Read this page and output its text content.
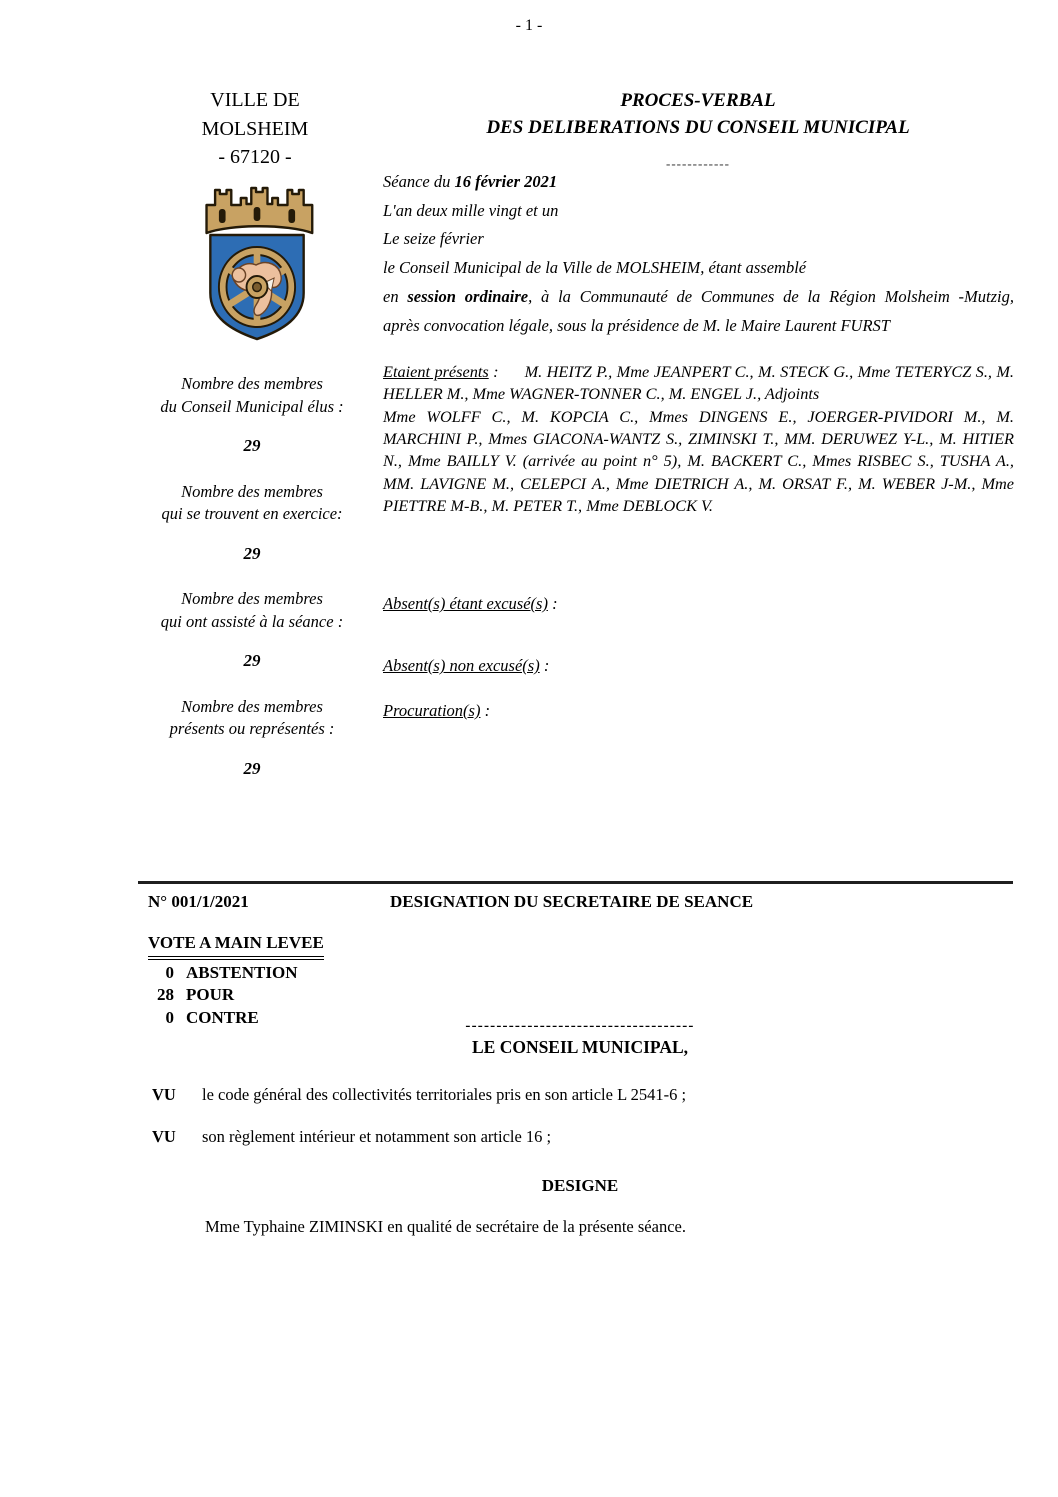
- 1 -
VILLE DE
MOLSHEIM
- 67120 -
PROCES-VERBAL
DES DELIBERATIONS DU CONSEIL MUNICIPAL
------------
Séance du 16 février 2021
L'an deux mille vingt et un
Le seize février
le Conseil Municipal de la Ville de MOLSHEIM, étant assemblé
en session ordinaire, à la Communauté de Communes de la Région Molsheim -Mutzig,
après convocation légale, sous la présidence de M. le Maire Laurent FURST
Nombre des membres
du Conseil Municipal élus :
29
Nombre des membres
qui se trouvent en exercice:
29
Nombre des membres
qui ont assisté à la séance :
29
Nombre des membres
présents ou représentés :
29

Etaient présents : M. HEITZ P., Mme JEANPERT C., M. STECK G., Mme TETERYCZ S., M. HELLER M., Mme WAGNER-TONNER C., M. ENGEL J., Adjoints

Mme WOLFF C., M. KOPCIA C., Mmes DINGENS E., JOERGER-PIVIDORI M., M. MARCHINI P., Mmes GIACONA-WANTZ S., ZIMINSKI T., MM. DERUWEZ Y-L., M. HITIER N., Mme BAILLY V. (arrivée au point n° 5), M. BACKERT C., Mmes RISBEC S., TUSHA A., MM. LAVIGNE M., CELEPCI A., Mme DIETRICH A., M. ORSAT F., M. WEBER J-M., Mme PIETTRE M-B., M. PETER T., Mme DEBLOCK V.

Absent(s) étant excusé(s) :
Absent(s) non excusé(s) :
Procuration(s) :
N° 001/1/2021	DESIGNATION DU SECRETAIRE DE SEANCE
VOTE A MAIN LEVEE
0 ABSTENTION
28 POUR
0 CONTRE	-------------------------------------
LE CONSEIL MUNICIPAL,
VU	le code général des collectivités territoriales pris en son article L 2541-6 ;
VU	son règlement intérieur et notamment son article 16 ;
DESIGNE
Mme Typhaine ZIMINSKI en qualité de secrétaire de la présente séance.
